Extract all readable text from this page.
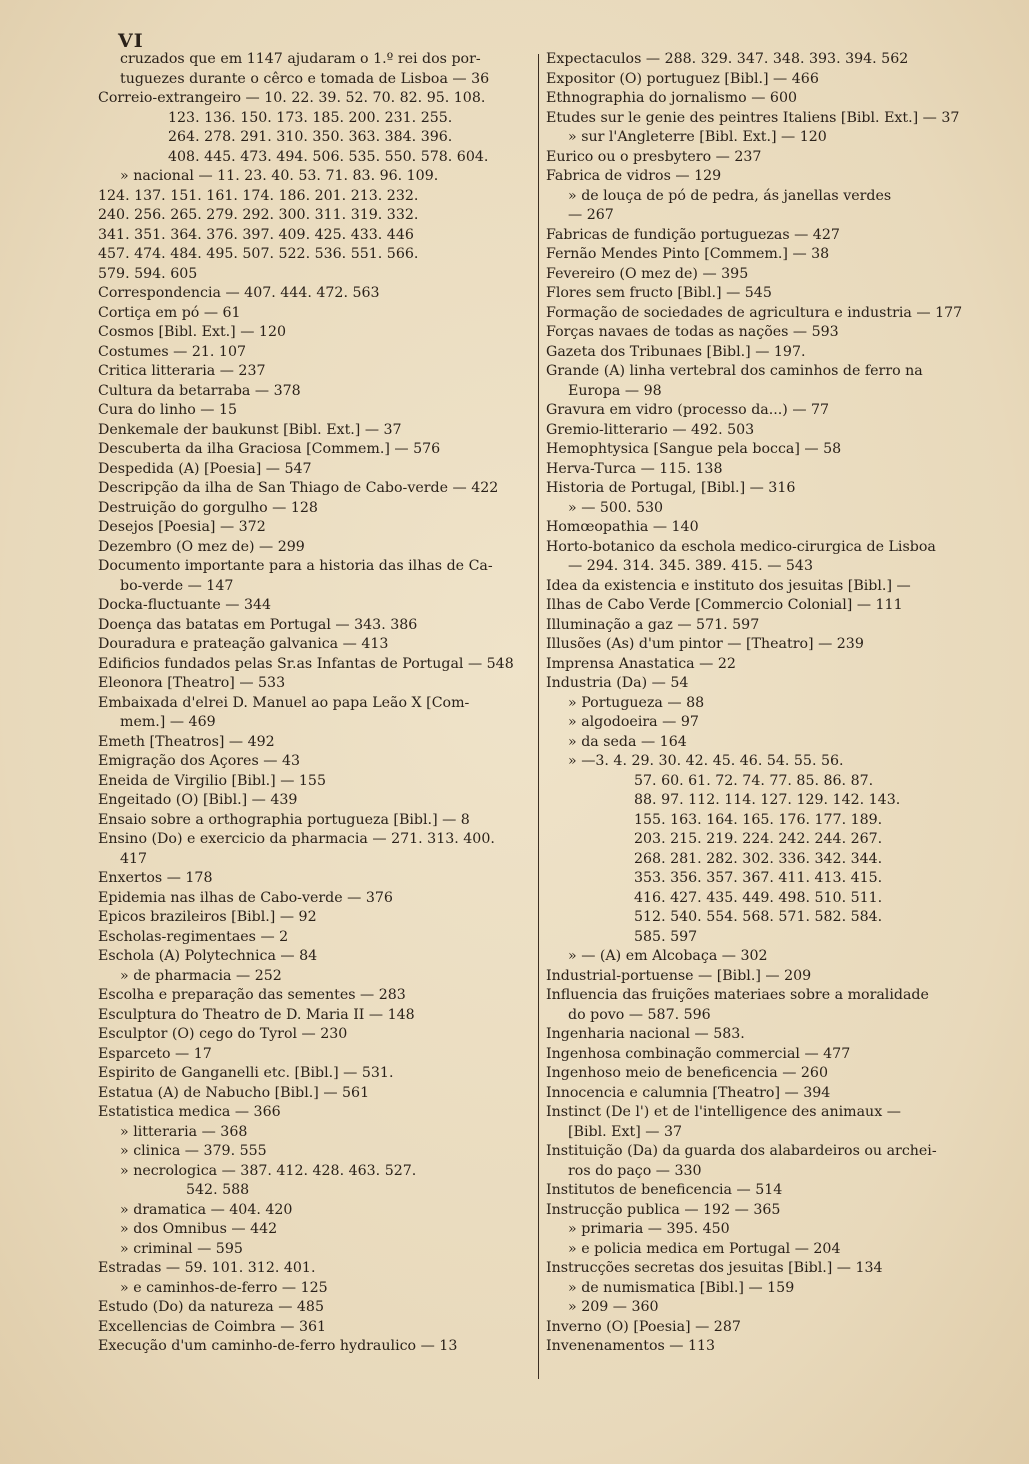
VI
cruzados que em 1147 ajudaram o 1.º rei dos por-
tuguezes durante o cêrco e tomada de Lisboa — 36
Correio-extrangeiro — 10. 22. 39. 52. 70. 82. 95. 108.
123. 136. 150. 173. 185. 200. 231. 255.
264. 278. 291. 310. 350. 363. 384. 396.
408. 445. 473. 494. 506. 535. 550. 578. 604.
» nacional — 11. 23. 40. 53. 71. 83. 96. 109.
124. 137. 151. 161. 174. 186. 201. 213. 232.
240. 256. 265. 279. 292. 300. 311. 319. 332.
341. 351. 364. 376. 397. 409. 425. 433. 446
457. 474. 484. 495. 507. 522. 536. 551. 566.
579. 594. 605
Correspondencia — 407. 444. 472. 563
Cortiça em pó — 61
Cosmos [Bibl. Ext.] — 120
Costumes — 21. 107
Critica litteraria — 237
Cultura da betarraba — 378
Cura do linho — 15
Denkemale der baukunst [Bibl. Ext.] — 37
Descuberta da ilha Graciosa [Commem.] — 576
Despedida (A) [Poesia] — 547
Descripção da ilha de San Thiago de Cabo-verde — 422
Destruição do gorgulho — 128
Desejos [Poesia] — 372
Dezembro (O mez de) — 299
Documento importante para a historia das ilhas de Ca-
bo-verde — 147
Docka-fluctuante — 344
Doença das batatas em Portugal — 343. 386
Douradura e prateação galvanica — 413
Edificios fundados pelas Sr.as Infantas de Portugal — 548
Eleonora [Theatro] — 533
Embaixada d'elrei D. Manuel ao papa Leão X [Com-
mem.] — 469
Emeth [Theatros] — 492
Emigração dos Açores — 43
Eneida de Virgilio [Bibl.] — 155
Engeitado (O) [Bibl.] — 439
Ensaio sobre a orthographia portugueza [Bibl.] — 8
Ensino (Do) e exercicio da pharmacia — 271. 313. 400.
417
Enxertos — 178
Epidemia nas ilhas de Cabo-verde — 376
Epicos brazileiros [Bibl.] — 92
Escholas-regimentaes — 2
Eschola (A) Polytechnica — 84
» de pharmacia — 252
Escolha e preparação das sementes — 283
Esculptura do Theatro de D. Maria II — 148
Esculptor (O) cego do Tyrol — 230
Esparceto — 17
Espirito de Ganganelli etc. [Bibl.] — 531.
Estatua (A) de Nabucho [Bibl.] — 561
Estatistica medica — 366
» litteraria — 368
» clinica — 379. 555
» necrologica — 387. 412. 428. 463. 527.
542. 588
» dramatica — 404. 420
» dos Omnibus — 442
» criminal — 595
Estradas — 59. 101. 312. 401.
» e caminhos-de-ferro — 125
Estudo (Do) da natureza — 485
Excellencias de Coimbra — 361
Execução d'um caminho-de-ferro hydraulico — 13
Expectaculos — 288. 329. 347. 348. 393. 394. 562
Expositor (O) portuguez [Bibl.] — 466
Ethnographia do jornalismo — 600
Etudes sur le genie des peintres Italiens [Bibl. Ext.] — 37
» sur l'Angleterre [Bibl. Ext.] — 120
Eurico ou o presbytero — 237
Fabrica de vidros — 129
» de louça de pó de pedra, ás janellas verdes
— 267
Fabricas de fundição portuguezas — 427
Fernão Mendes Pinto [Commem.] — 38
Fevereiro (O mez de) — 395
Flores sem fructo [Bibl.] — 545
Formação de sociedades de agricultura e industria — 177
Forças navaes de todas as nações — 593
Gazeta dos Tribunaes [Bibl.] — 197.
Grande (A) linha vertebral dos caminhos de ferro na
Europa — 98
Gravura em vidro (processo da...) — 77
Gremio-litterario — 492. 503
Hemophtysica [Sangue pela bocca] — 58
Herva-Turca — 115. 138
Historia de Portugal, [Bibl.] — 316
» — 500. 530
Homœopathia — 140
Horto-botanico da eschola medico-cirurgica de Lisboa
— 294. 314. 345. 389. 415. — 543
Idea da existencia e instituto dos jesuitas [Bibl.] —
Ilhas de Cabo Verde [Commercio Colonial] — 111
Illuminação a gaz — 571. 597
Illusões (As) d'um pintor — [Theatro] — 239
Imprensa Anastatica — 22
Industria (Da) — 54
» Portugueza — 88
» algodoeira — 97
» da seda — 164
» —3. 4. 29. 30. 42. 45. 46. 54. 55. 56.
57. 60. 61. 72. 74. 77. 85. 86. 87.
88. 97. 112. 114. 127. 129. 142. 143.
155. 163. 164. 165. 176. 177. 189.
203. 215. 219. 224. 242. 244. 267.
268. 281. 282. 302. 336. 342. 344.
353. 356. 357. 367. 411. 413. 415.
416. 427. 435. 449. 498. 510. 511.
512. 540. 554. 568. 571. 582. 584.
585. 597
» — (A) em Alcobaça — 302
Industrial-portuense — [Bibl.] — 209
Influencia das fruições materiaes sobre a moralidade
do povo — 587. 596
Ingenharia nacional — 583.
Ingenhosa combinação commercial — 477
Ingenhoso meio de beneficencia — 260
Innocencia e calumnia [Theatro] — 394
Instinct (De l') et de l'intelligence des animaux —
[Bibl. Ext] — 37
Instituição (Da) da guarda dos alabardeiros ou archei-
ros do paço — 330
Institutos de beneficencia — 514
Instrucção publica — 192 — 365
» primaria — 395. 450
» e policia medica em Portugal — 204
Instrucções secretas dos jesuitas [Bibl.] — 134
» de numismatica [Bibl.] — 159
» 209 — 360
Inverno (O) [Poesia] — 287
Invenenamentos — 113
